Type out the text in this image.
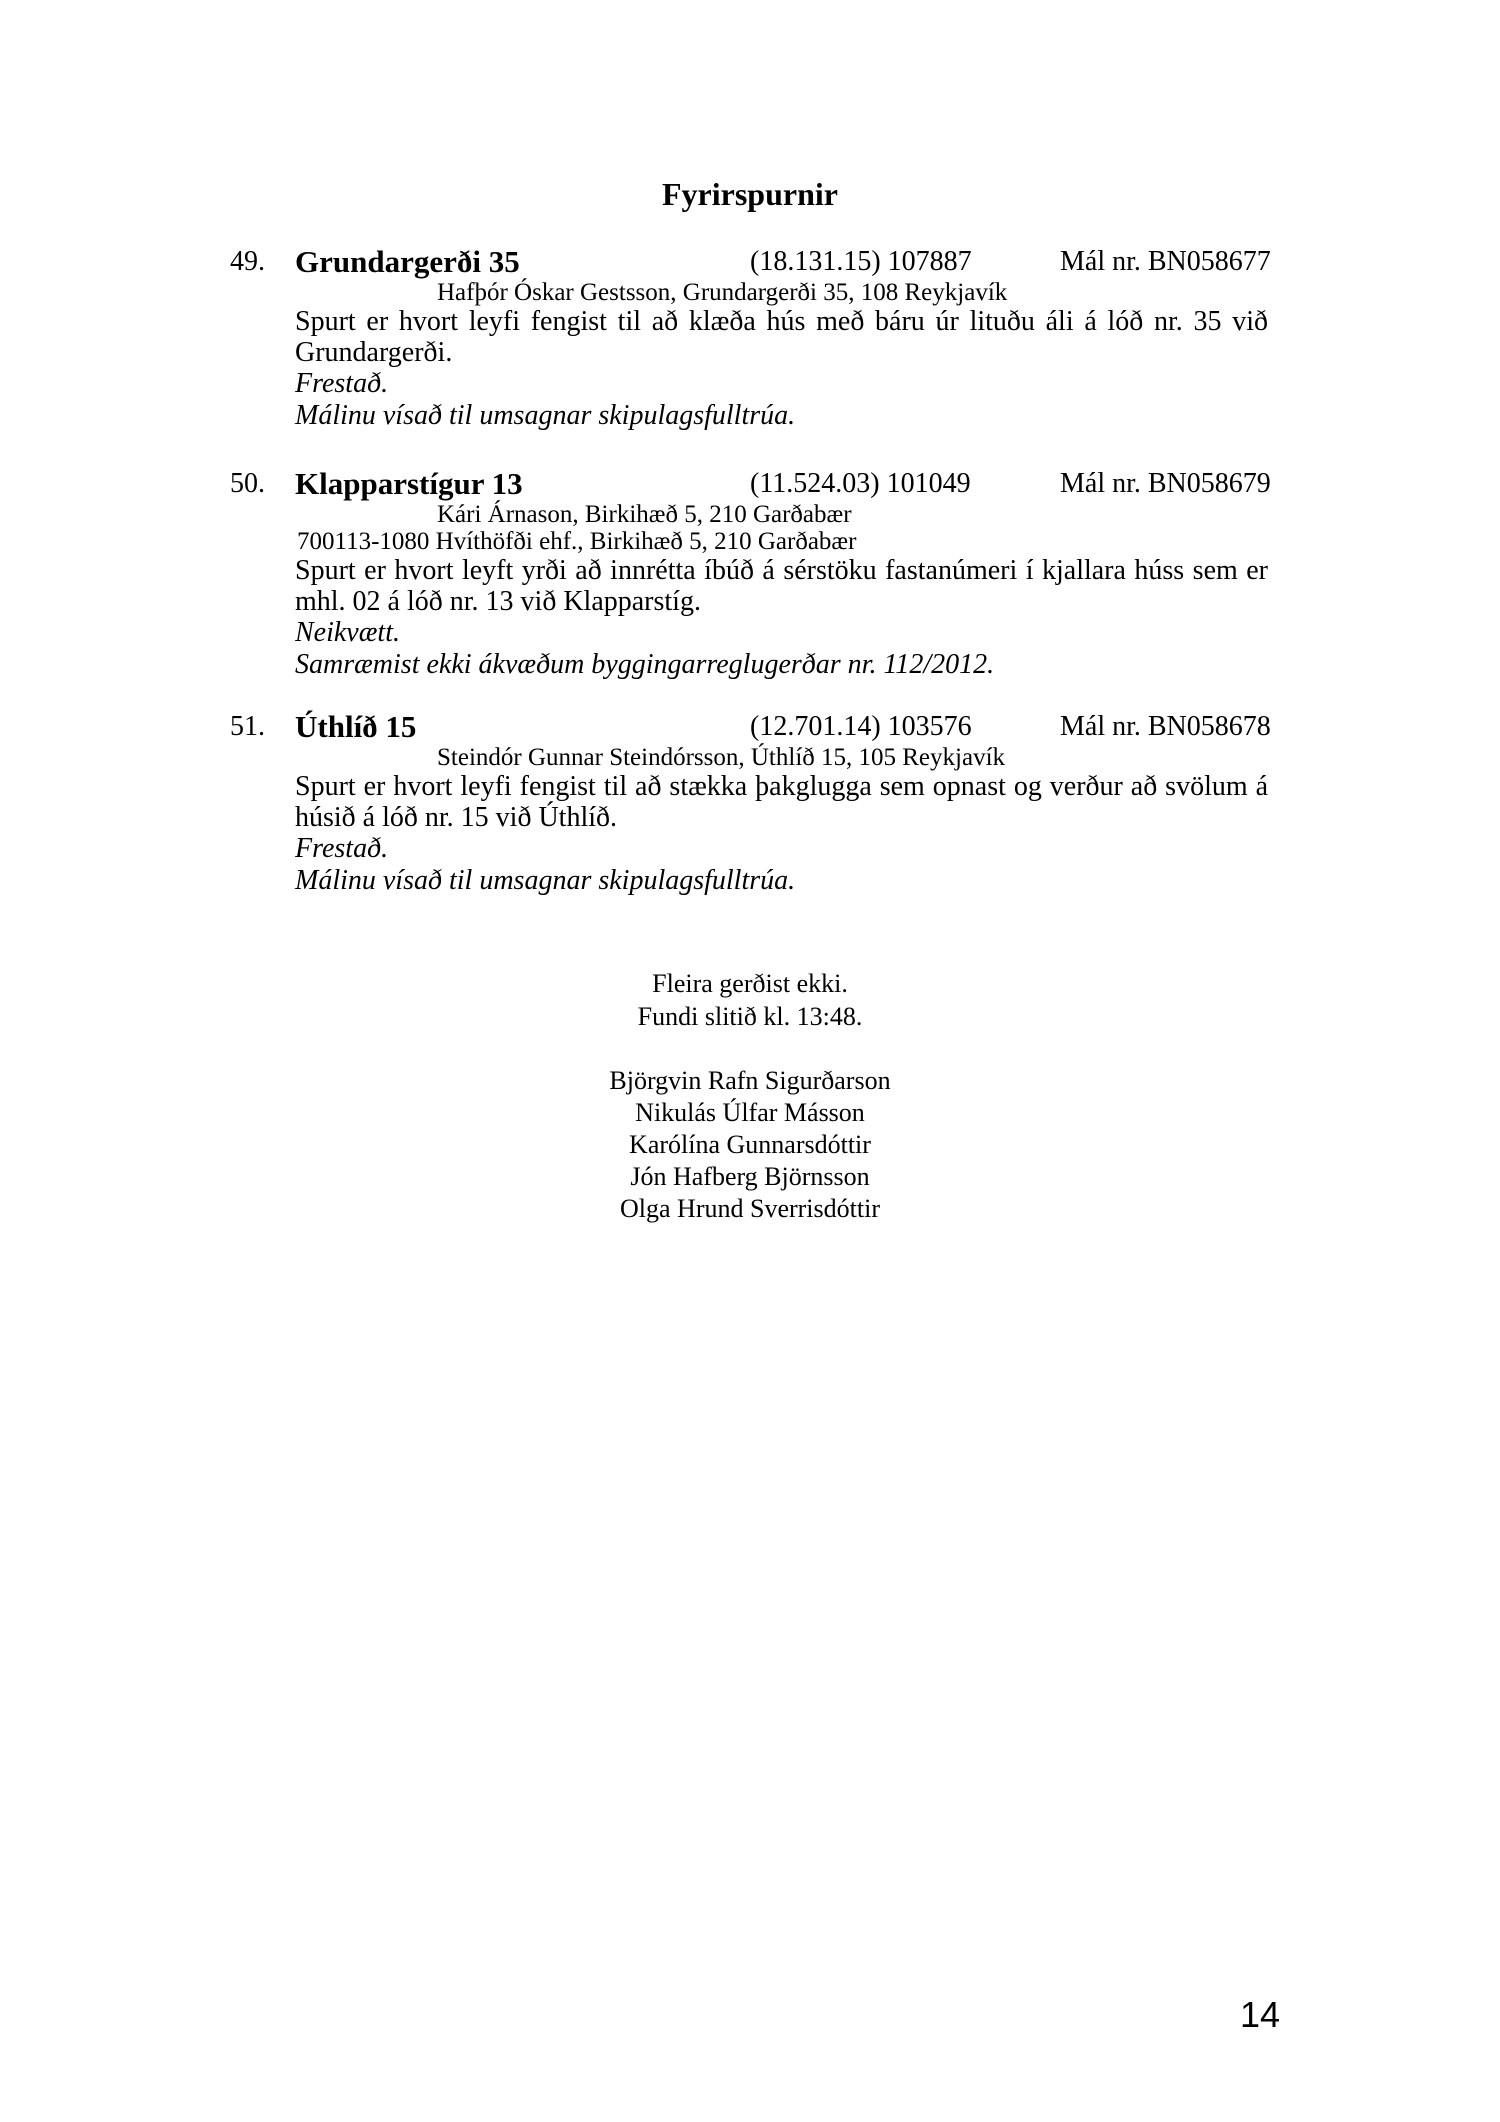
Fyrirspurnir
49. Grundargerði 35	(18.131.15) 107887	Mál nr. BN058677
Hafþór Óskar Gestsson, Grundargerði 35, 108 Reykjavík
Spurt er hvort leyfi fengist til að klæða hús með báru úr lituðu áli á lóð nr. 35 við
Grundargerði.
Frestað.
Málinu vísað til umsagnar skipulagsfulltrúa.
50. Klapparstígur 13	(11.524.03) 101049	Mál nr. BN058679
Kári Árnason, Birkihæð 5, 210 Garðabær
700113-1080 Hvíthöfði ehf., Birkihæð 5, 210 Garðabær
Spurt er hvort leyft yrði að innrétta íbúð á sérstöku fastanúmeri í kjallara húss sem er
mhl. 02 á lóð nr. 13 við Klapparstíg.
Neikvætt.
Samræmist ekki ákvæðum byggingarreglugerðar nr. 112/2012.
51. Úthlíð 15	(12.701.14) 103576	Mál nr. BN058678
Steindór Gunnar Steindórsson, Úthlíð 15, 105 Reykjavík
Spurt er hvort leyfi fengist til að stækka þakglugga sem opnast og verður að svölum á
húsið á lóð nr. 15 við Úthlíð.
Frestað.
Málinu vísað til umsagnar skipulagsfulltrúa.
Fleira gerðist ekki.
Fundi slitið kl. 13:48.
Björgvin Rafn Sigurðarson
Nikulás Úlfar Másson
Karólína Gunnarsdóttir
Jón Hafberg Björnsson
Olga Hrund Sverrisdóttir
14
